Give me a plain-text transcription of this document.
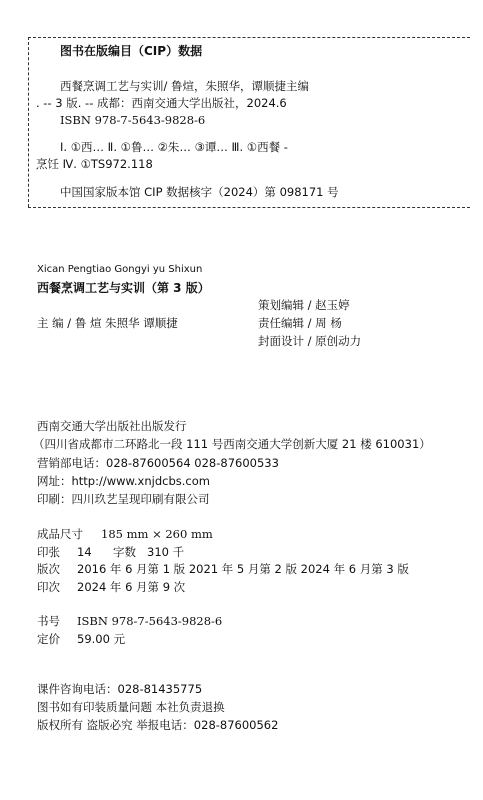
图书在版编目（CIP）数据
西餐烹调工艺与实训/ 鲁煊，朱照华，谭顺捷主编
. -- 3 版. -- 成都：西南交通大学出版社，2024.6
ISBN 978-7-5643-9828-6
Ⅰ. ①西… Ⅱ. ①鲁… ②朱… ③谭… Ⅲ. ①西餐 -
烹饪 Ⅳ. ①TS972.118
中国国家版本馆 CIP 数据核字（2024）第 098171 号
Xican Pengtiao Gongyi yu Shixun
西餐烹调工艺与实训（第 3 版）
策划编辑 / 赵玉婷
主 编 / 鲁 煊 朱照华 谭顺捷	责任编辑 / 周 杨
封面设计 / 原创动力
西南交通大学出版社出版发行
（四川省成都市二环路北一段 111 号西南交通大学创新大厦 21 楼 610031）
营销部电话：028-87600564 028-87600533
网址：http://www.xnjdcbs.com
印刷：四川玖艺呈现印刷有限公司
成品尺寸 185 mm × 260 mm
印张 14 字数 310 千
版次 2016 年 6 月第 1 版 2021 年 5 月第 2 版 2024 年 6 月第 3 版
印次 2024 年 6 月第 9 次
书号 ISBN 978-7-5643-9828-6
定价 59.00 元
课件咨询电话：028-81435775
图书如有印装质量问题 本社负责退换
版权所有 盗版必究 举报电话：028-87600562
